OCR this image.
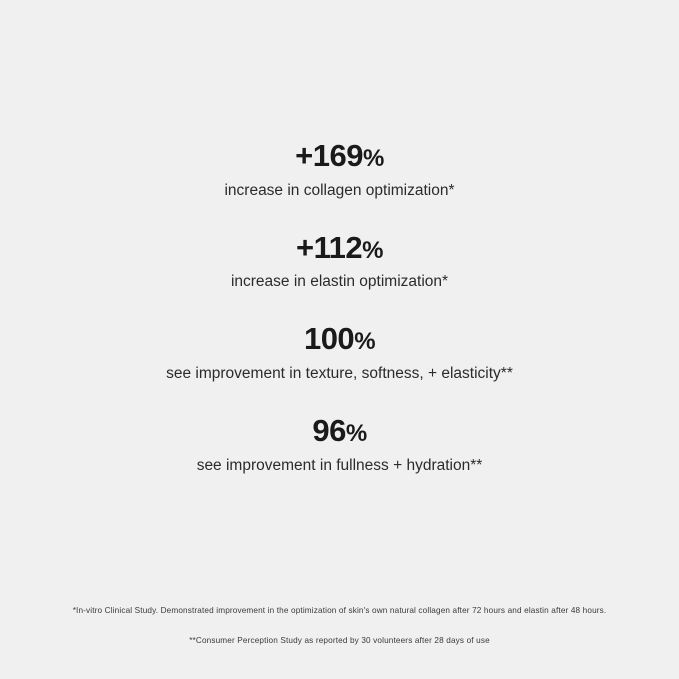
+169%
increase in collagen optimization*
+112%
increase in elastin optimization*
100%
see improvement in texture, softness, + elasticity**
96%
see improvement in fullness + hydration**
*In-vitro Clinical Study. Demonstrated improvement in the optimization of skin's own natural collagen after 72 hours and elastin after 48 hours.
**Consumer Perception Study as reported by 30 volunteers after 28 days of use
